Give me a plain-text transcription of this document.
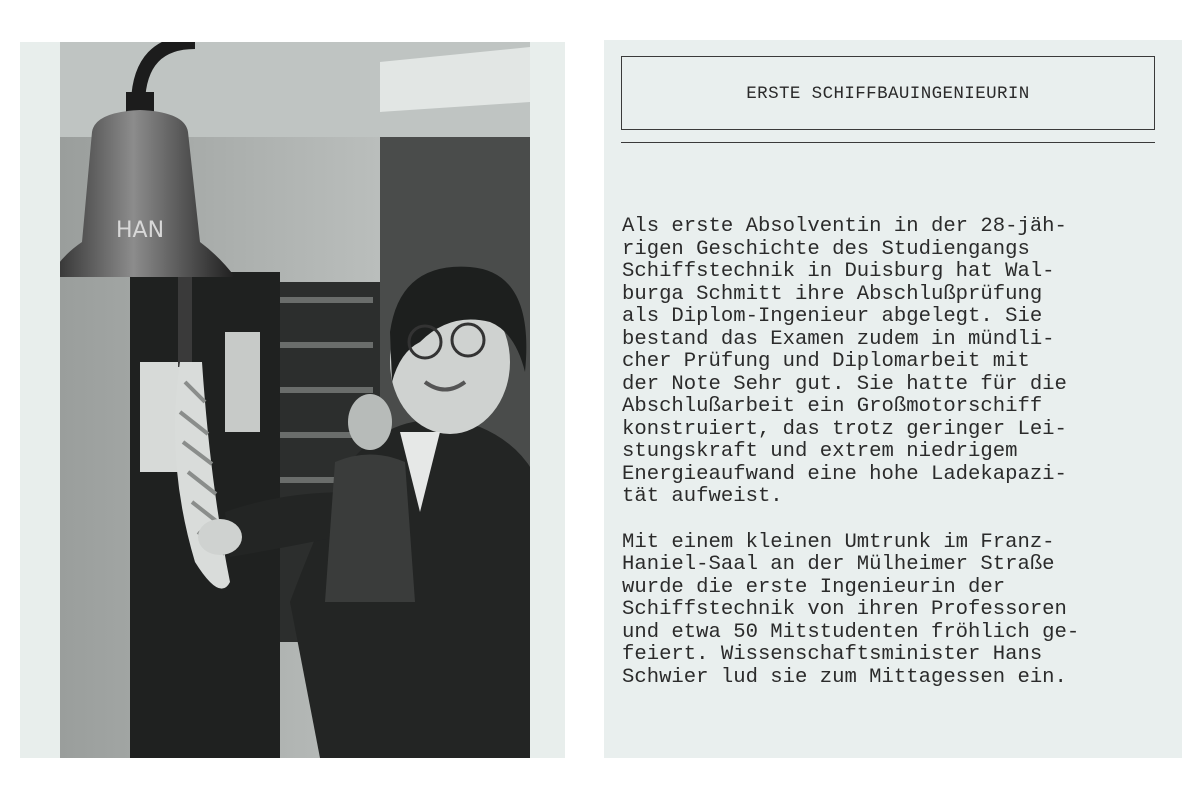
HAN
ERSTE SCHIFFBAUINGENIEURIN
Als erste Absolventin in der 28-jäh-
rigen Geschichte des Studiengangs
Schiffstechnik in Duisburg hat Wal-
burga Schmitt ihre Abschlußprüfung
als Diplom-Ingenieur abgelegt. Sie
bestand das Examen zudem in mündli-
cher Prüfung und Diplomarbeit mit
der Note Sehr gut. Sie hatte für die
Abschlußarbeit ein Großmotorschiff
konstruiert, das trotz geringer Lei-
stungskraft und extrem niedrigem
Energieaufwand eine hohe Ladekapazi-
tät aufweist.
Mit einem kleinen Umtrunk im Franz-
Haniel-Saal an der Mülheimer Straße
wurde die erste Ingenieurin der
Schiffstechnik von ihren Professoren
und etwa 50 Mitstudenten fröhlich ge-
feiert. Wissenschaftsminister Hans
Schwier lud sie zum Mittagessen ein.
